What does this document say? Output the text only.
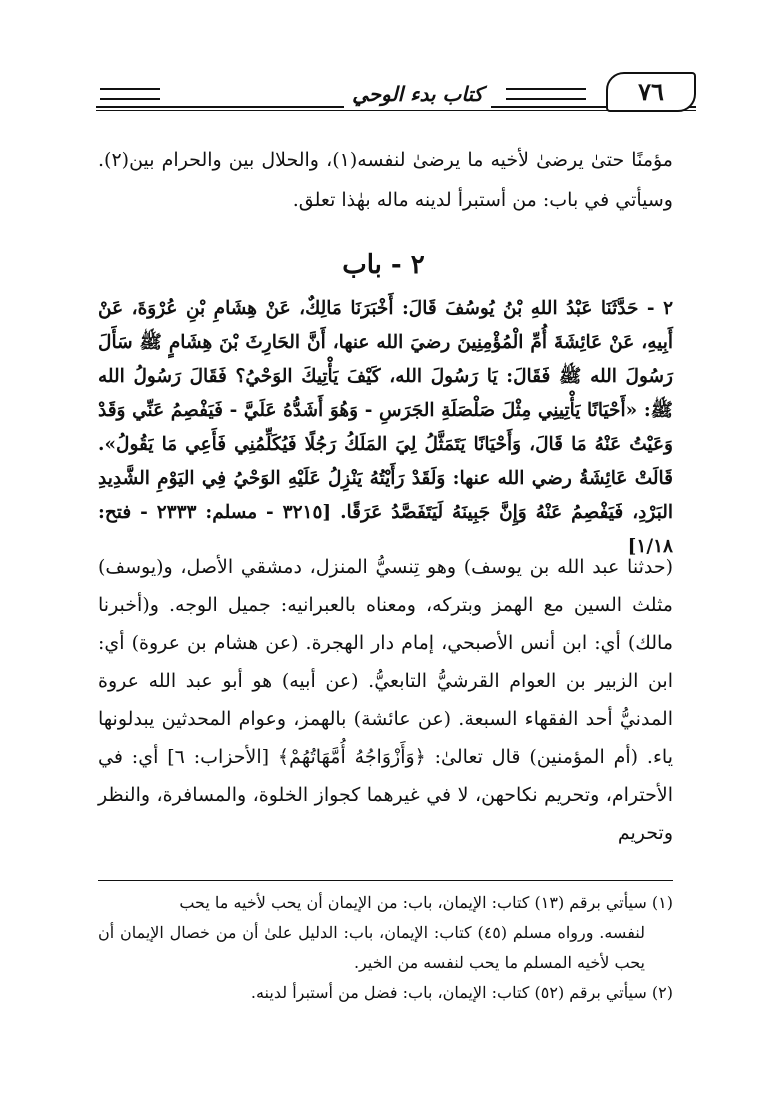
كتاب بدء الوحي	٧٦
مؤمنًا حتىٰ يرضىٰ لأخيه ما يرضىٰ لنفسه(١)، والحلال بين والحرام بين(٢). وسيأتي في باب: من أستبرأ لدينه ماله بهٰذا تعلق.
٢ - باب
٢ - حَدَّثَنَا عَبْدُ اللهِ بْنُ يُوسُفَ قَالَ: أَخْبَرَنَا مَالِكٌ، عَنْ هِشَامِ بْنِ عُرْوَةَ، عَنْ أَبِيهِ، عَنْ عَائِشَةَ أُمِّ الْمُؤْمِنِينَ رضيَ الله عنها، أَنَّ الحَارِثَ بْنَ هِشَامٍ ﷺ سَأَلَ رَسُولَ الله ﷺ فَقَالَ: يَا رَسُولَ الله، كَيْفَ يَأْتِيكَ الوَحْيُ؟ فَقَالَ رَسُولُ الله ﷺ: «أَحْيَانًا يَأْتِينِي مِثْلَ صَلْصَلَةِ الجَرَسِ - وَهُوَ أَشَدُّهُ عَلَيَّ - فَيَفْصِمُ عَنِّي وَقَدْ وَعَيْتُ عَنْهُ مَا قَالَ، وَأَحْيَانًا يَتَمَثَّلُ لِيَ المَلَكُ رَجُلًا فَيُكَلِّمُنِي فَأَعِي مَا يَقُولُ». قَالَتْ عَائِشَةُ رضي الله عنها: وَلَقَدْ رَأَيْتُهُ يَنْزِلُ عَلَيْهِ الوَحْيُ فِي اليَوْمِ الشَّدِيدِ البَرْدِ، فَيَفْصِمُ عَنْهُ وَإِنَّ جَبِينَهُ لَيَتَفَصَّدُ عَرَقًا. [٣٢١٥ - مسلم: ٢٣٣٣ - فتح: ١/١٨]
(حدثنا عبد الله بن يوسف) وهو تِنسيُّ المنزل، دمشقي الأصل، و(يوسف) مثلث السين مع الهمز وبتركه، ومعناه بالعبرانيه: جميل الوجه. و(أخبرنا مالك) أي: ابن أنس الأصبحي، إمام دار الهجرة. (عن هشام بن عروة) أي: ابن الزبير بن العوام القرشيُّ التابعيُّ. (عن أبيه) هو أبو عبد الله عروة المدنيُّ أحد الفقهاء السبعة. (عن عائشة) بالهمز، وعوام المحدثين يبدلونها ياء. (أم المؤمنين) قال تعالىٰ: ﴿وَأَزْوَاجُهُ أُمَّهَاتُهُمْ﴾ [الأحزاب: ٦] أي: في الأحترام، وتحريم نكاحهن، لا في غيرهما كجواز الخلوة، والمسافرة، والنظر وتحريم

(١) سيأتي برقم (١٣) كتاب: الإيمان، باب: من الإيمان أن يحب لأخيه ما يحب
لنفسه. ورواه مسلم (٤٥) كتاب: الإيمان، باب: الدليل علىٰ أن من خصال الإيمان أن يحب لأخيه المسلم ما يحب لنفسه من الخير.

(٢) سيأتي برقم (٥٢) كتاب: الإيمان، باب: فضل من أستبرأ لدينه.
